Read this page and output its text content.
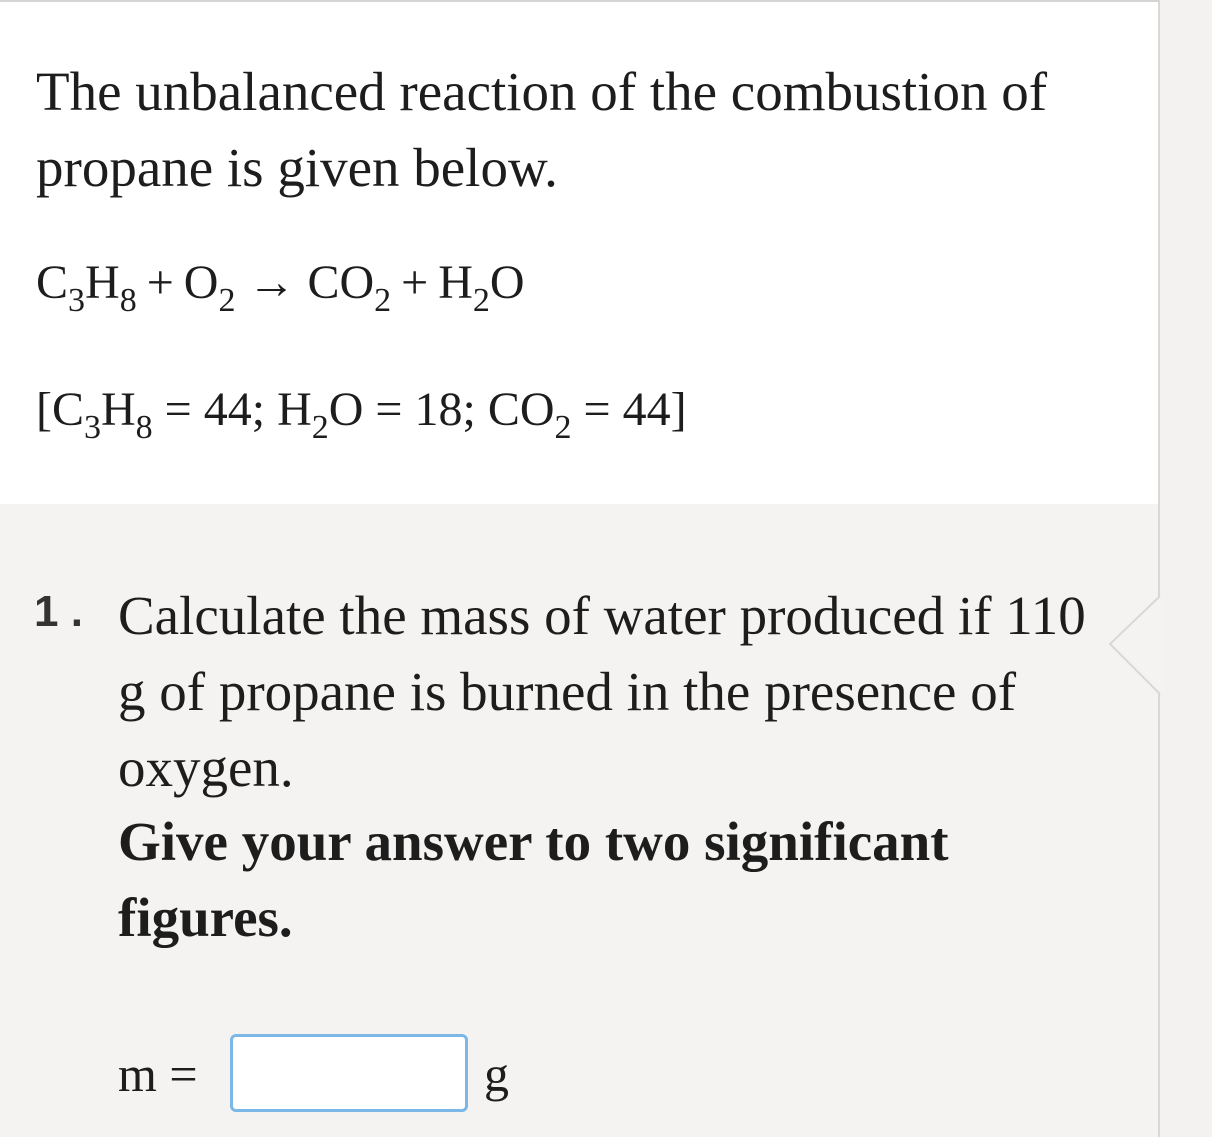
The unbalanced reaction of the combustion of propane is given below.

$C_3H_8 + O_2 \to CO_2 + H_2O$

[$C_3H_8 = 44$; $H_2O = 18$; $CO_2 = 44$]

1 . Calculate the mass of water produced if 110 g of propane is burned in the presence of oxygen.

Give your answer to two significant figures.

m =	g
